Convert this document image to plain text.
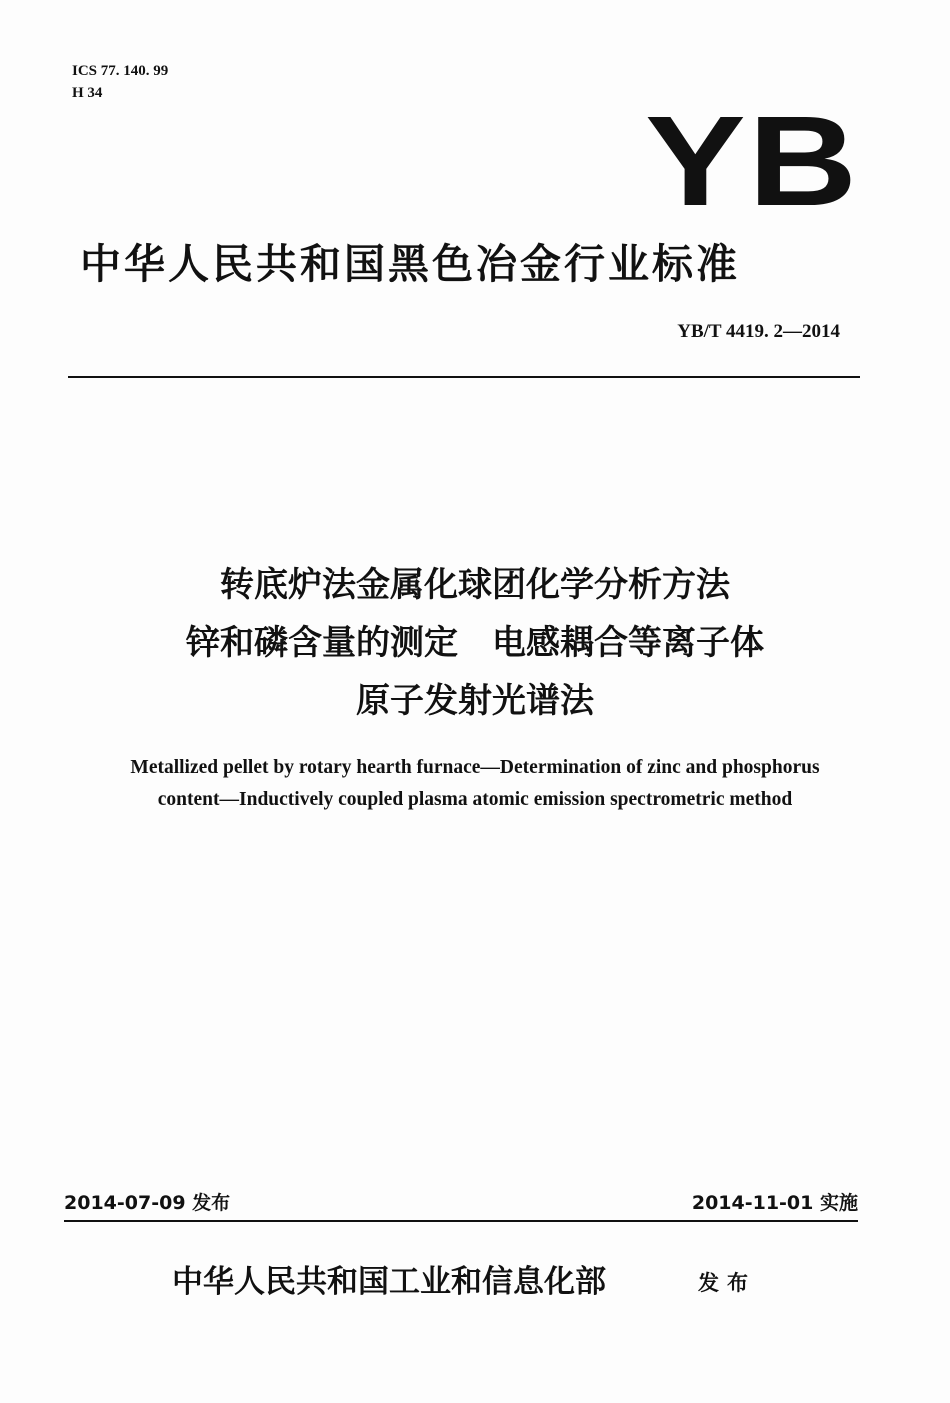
ICS 77. 140. 99
H 34	YB
中华人民共和国黑色冶金行业标准
YB/T 4419. 2—2014
转底炉法金属化球团化学分析方法
锌和磷含量的测定　电感耦合等离子体
原子发射光谱法
Metallized pellet by rotary hearth furnace—Determination of zinc and phosphorus
content—Inductively coupled plasma atomic emission spectrometric method
2014-07-09 发布	2014-11-01 实施
中华人民共和国工业和信息化部	发布
